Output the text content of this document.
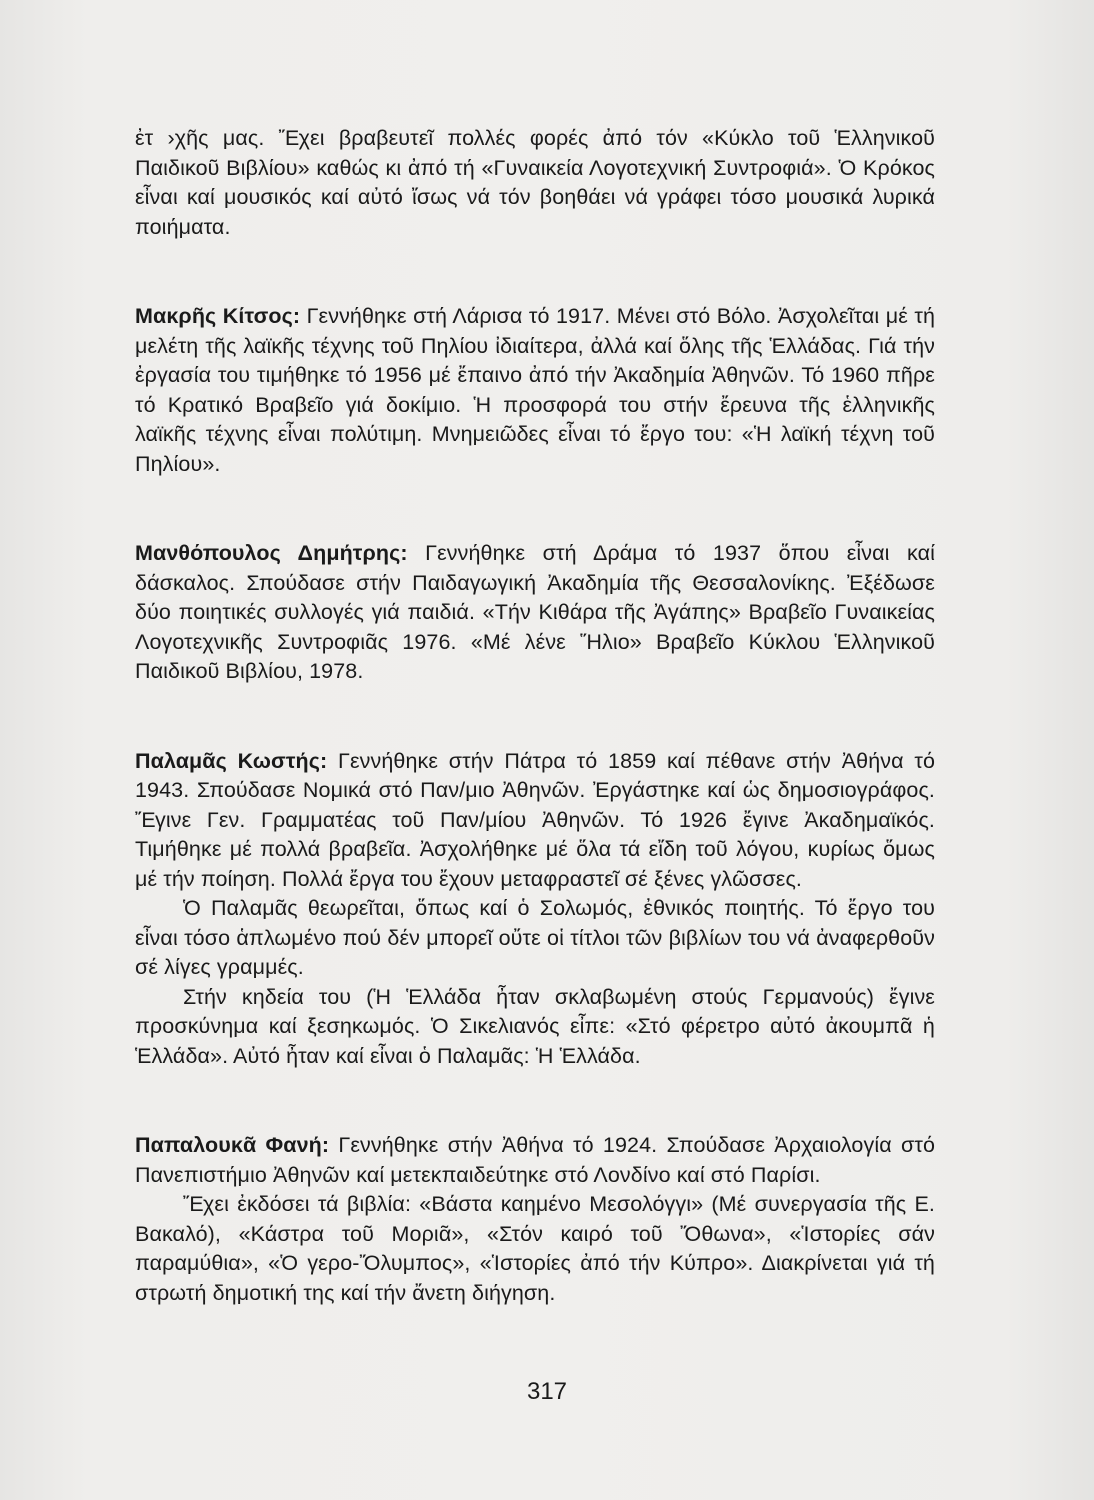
ἐτ ›χῆς μας. Ἔχει βραβευτεῖ πολλές φορές ἀπό τόν «Κύκλο τοῦ Ἑλληνικοῦ Παιδικοῦ Βιβλίου» καθώς κι ἀπό τή «Γυναικεία Λογοτεχνική Συντροφιά». Ὁ Κρόκος εἶναι καί μουσικός καί αὐτό ἴσως νά τόν βοηθάει νά γράφει τόσο μουσικά λυρικά ποιήματα.

Μακρῆς Κίτσος: Γεννήθηκε στή Λάρισα τό 1917. Μένει στό Βόλο. Ἀσχολεῖται μέ τή μελέτη τῆς λαϊκῆς τέχνης τοῦ Πηλίου ἰδιαίτερα, ἀλλά καί ὅλης τῆς Ἑλλάδας. Γιά τήν ἐργασία του τιμήθηκε τό 1956 μέ ἔπαινο ἀπό τήν Ἀκαδημία Ἀθηνῶν. Τό 1960 πῆρε τό Κρατικό Βραβεῖο γιά δοκίμιο. Ἡ προσφορά του στήν ἔρευνα τῆς ἑλληνικῆς λαϊκῆς τέχνης εἶναι πολύτιμη. Μνημειῶδες εἶναι τό ἔργο του: «Ἡ λαϊκή τέχνη τοῦ Πηλίου».

Μανθόπουλος Δημήτρης: Γεννήθηκε στή Δράμα τό 1937 ὅπου εἶναι καί δάσκαλος. Σπούδασε στήν Παιδαγωγική Ἀκαδημία τῆς Θεσσαλονίκης. Ἐξέδωσε δύο ποιητικές συλλογές γιά παιδιά. «Τήν Κιθάρα τῆς Ἀγάπης» Βραβεῖο Γυναικείας Λογοτεχνικῆς Συντροφιᾶς 1976. «Μέ λένε Ἥλιο» Βραβεῖο Κύκλου Ἑλληνικοῦ Παιδικοῦ Βιβλίου, 1978.

Παλαμᾶς Κωστής: Γεννήθηκε στήν Πάτρα τό 1859 καί πέθανε στήν Ἀθήνα τό 1943. Σπούδασε Νομικά στό Παν/μιο Ἀθηνῶν. Ἐργάστηκε καί ὡς δημοσιογράφος. Ἔγινε Γεν. Γραμματέας τοῦ Παν/μίου Ἀθηνῶν. Τό 1926 ἔγινε Ἀκαδημαϊκός. Τιμήθηκε μέ πολλά βραβεῖα. Ἀσχολήθηκε μέ ὅλα τά εἴδη τοῦ λόγου, κυρίως ὅμως μέ τήν ποίηση. Πολλά ἔργα του ἔχουν μεταφραστεῖ σέ ξένες γλῶσσες.

Ὁ Παλαμᾶς θεωρεῖται, ὅπως καί ὁ Σολωμός, ἐθνικός ποιητής. Τό ἔργο του εἶναι τόσο ἁπλωμένο πού δέν μπορεῖ οὔτε οἱ τίτλοι τῶν βιβλίων του νά ἀναφερθοῦν σέ λίγες γραμμές.

Στήν κηδεία του (Ἡ Ἑλλάδα ἦταν σκλαβωμένη στούς Γερμανούς) ἔγινε προσκύνημα καί ξεσηκωμός. Ὁ Σικελιανός εἶπε: «Στό φέρετρο αὐτό ἀκουμπᾶ ἡ Ἑλλάδα». Αὐτό ἦταν καί εἶναι ὁ Παλαμᾶς: Ἡ Ἑλλάδα.

Παπαλουκᾶ Φανή: Γεννήθηκε στήν Ἀθήνα τό 1924. Σπούδασε Ἀρχαιολογία στό Πανεπιστήμιο Ἀθηνῶν καί μετεκπαιδεύτηκε στό Λονδίνο καί στό Παρίσι.

Ἔχει ἐκδόσει τά βιβλία: «Βάστα καημένο Μεσολόγγι» (Μέ συνεργασία τῆς Ε. Βακαλό), «Κάστρα τοῦ Μοριᾶ», «Στόν καιρό τοῦ Ὄθωνα», «Ἱστορίες σάν παραμύθια», «Ὁ γερο-Ὄλυμπος», «Ἱστορίες ἀπό τήν Κύπρο». Διακρίνεται γιά τή στρωτή δημοτική της καί τήν ἄνετη διήγηση.

317
